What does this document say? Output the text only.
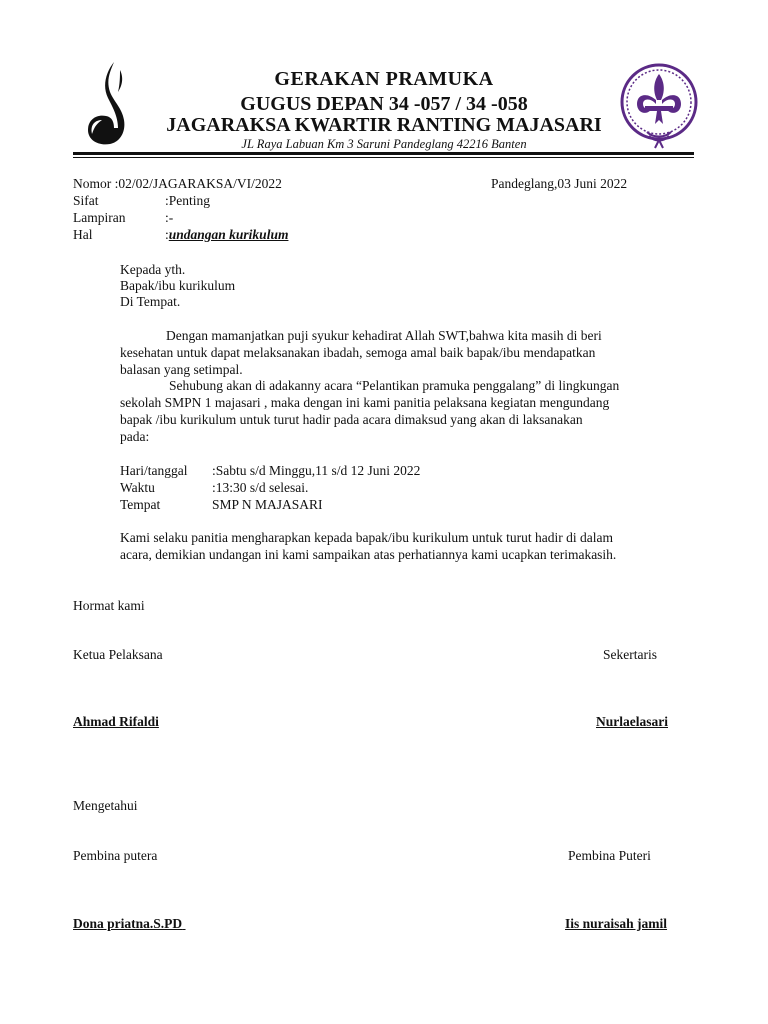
GERAKAN PRAMUKA
GUGUS DEPAN 34 -057 / 34 -058
JAGARAKSA KWARTIR RANTING MAJASARI
JL Raya Labuan Km 3 Saruni Pandeglang 42216 Banten
Nomor :02/02/JAGARAKSA/VI/2022	Pandeglang,03 Juni 2022
Sifat	:Penting
Lampiran	:-
Hal	:undangan kurikulum
Kepada yth.
Bapak/ibu kurikulum
Di Tempat.
Dengan mamanjatkan puji syukur kehadirat Allah SWT,bahwa kita masih di beri
kesehatan untuk dapat melaksanakan ibadah, semoga amal baik bapak/ibu mendapatkan
balasan yang setimpal.
Sehubung akan di adakanny acara “Pelantikan pramuka penggalang” di lingkungan
sekolah SMPN 1 majasari , maka dengan ini kami panitia pelaksana kegiatan mengundang
bapak /ibu kurikulum untuk turut hadir pada acara dimaksud yang akan di laksanakan
pada:
Hari/tanggal :Sabtu s/d Minggu,11 s/d 12 Juni 2022
Waktu	:13:30 s/d selesai.
Tempat	SMP N MAJASARI
Kami selaku panitia mengharapkan kepada bapak/ibu kurikulum untuk turut hadir di dalam
acara, demikian undangan ini kami sampaikan atas perhatiannya kami ucapkan terimakasih.
Hormat kami
Ketua Pelaksana	Sekertaris
Ahmad Rifaldi	Nurlaelasari
Mengetahui
Pembina putera	Pembina Puteri
Dona priatna.S.PD	Iis nuraisah jamil
